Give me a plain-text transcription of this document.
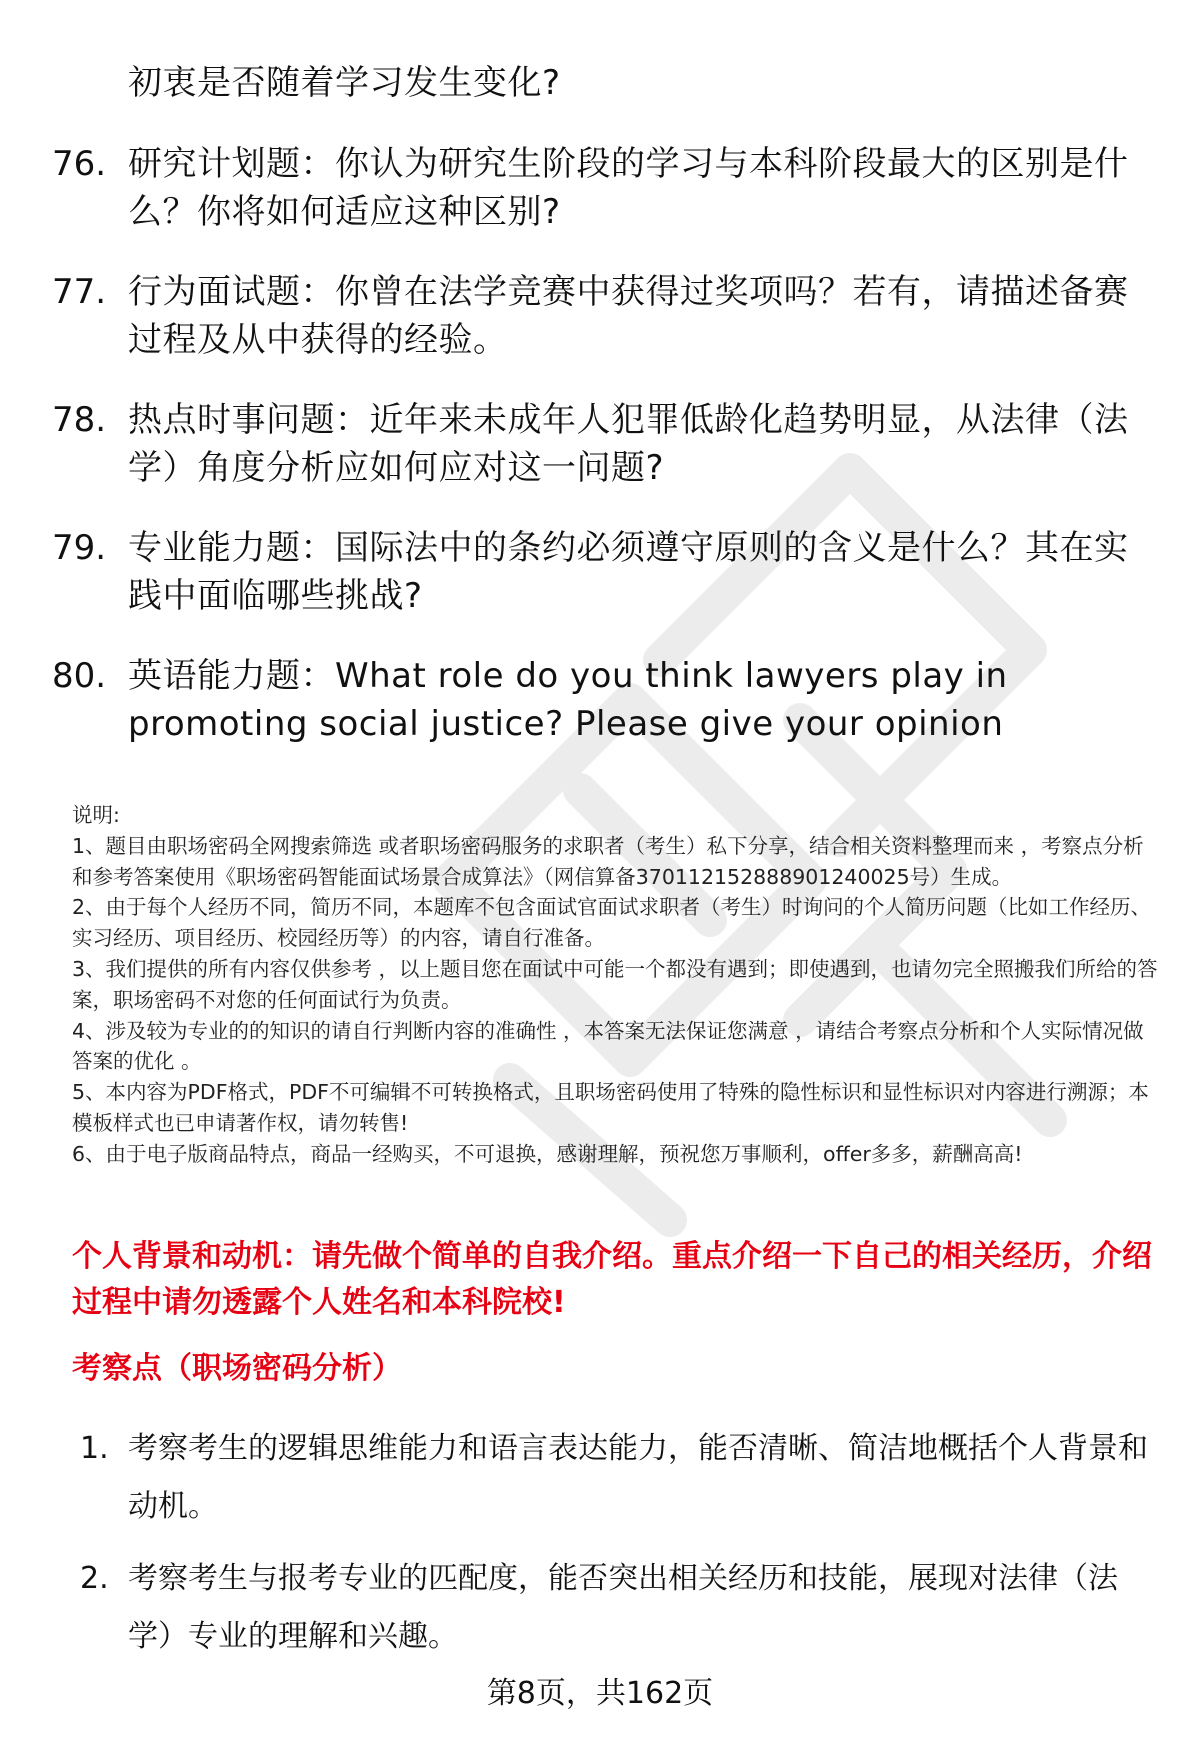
初衷是否随着学习发生变化?
76. 研究计划题：你认为研究生阶段的学习与本科阶段最大的区别是什么？你将如何适应这种区别?
77. 行为面试题：你曾在法学竞赛中获得过奖项吗？若有，请描述备赛过程及从中获得的经验。
78. 热点时事问题：近年来未成年人犯罪低龄化趋势明显，从法律（法学）角度分析应如何应对这一问题?
79. 专业能力题：国际法中的条约必须遵守原则的含义是什么？其在实践中面临哪些挑战?
80. 英语能力题：What role do you think lawyers play in promoting social justice? Please give your opinion

说明:

1、题目由职场密码全网搜索筛选 或者职场密码服务的求职者（考生）私下分享，结合相关资料整理而来 ，考察点分析和参考答案使用《职场密码智能面试场景合成算法》（网信算备370112152888901240025号）生成。

2、由于每个人经历不同，简历不同，本题库不包含面试官面试求职者（考生）时询问的个人简历问题（比如工作经历、实习经历、项目经历、校园经历等）的内容，请自行准备。

3、我们提供的所有内容仅供参考 ，以上题目您在面试中可能一个都没有遇到；即使遇到，也请勿完全照搬我们所给的答案，职场密码不对您的任何面试行为负责。

4、涉及较为专业的的知识的请自行判断内容的准确性 ，本答案无法保证您满意 ，请结合考察点分析和个人实际情况做答案的优化 。

5、本内容为PDF格式，PDF不可编辑不可转换格式，且职场密码使用了特殊的隐性标识和显性标识对内容进行溯源；本模板样式也已申请著作权，请勿转售!

6、由于电子版商品特点，商品一经购买，不可退换，感谢理解，预祝您万事顺利，offer多多，薪酬高高!

个人背景和动机：请先做个简单的自我介绍。重点介绍一下自己的相关经历，介绍过程中请勿透露个人姓名和本科院校!
考察点（职场密码分析）
1. 考察考生的逻辑思维能力和语言表达能力，能否清晰、简洁地概括个人背景和动机。
2. 考察考生与报考专业的匹配度，能否突出相关经历和技能，展现对法律（法学）专业的理解和兴趣。
第8页，共162页
